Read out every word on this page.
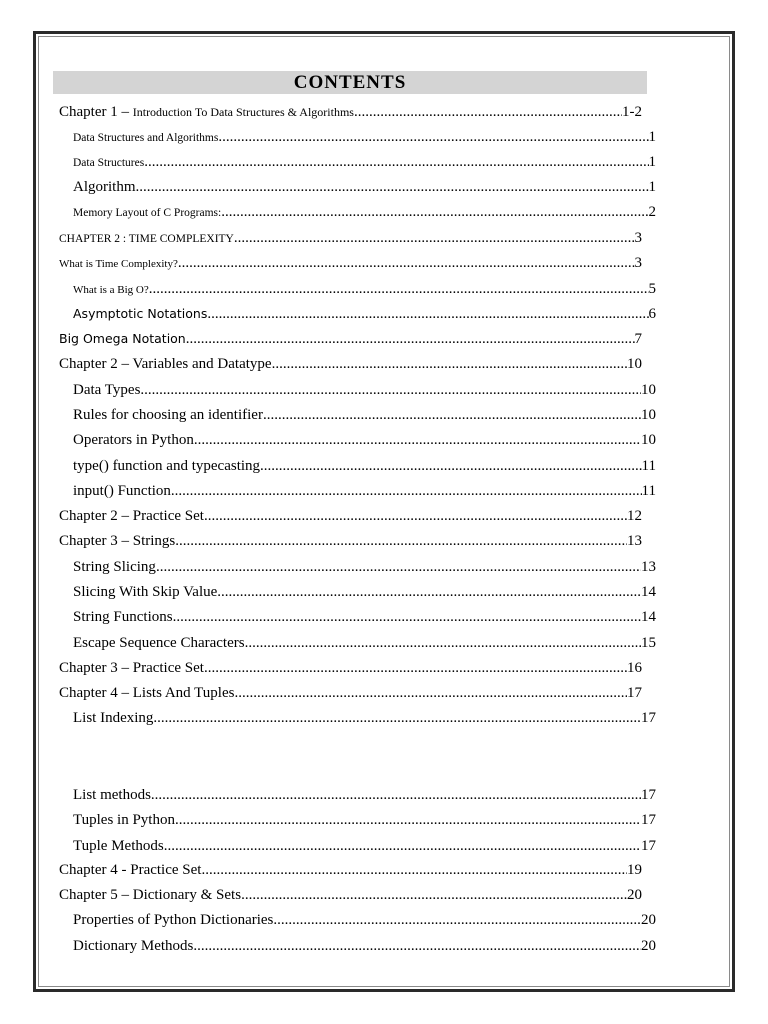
CONTENTS
Chapter 1 – Introduction To Data Structures & Algorithms .....	1-2
Data Structures and Algorithms .....	1
Data Structures .....	1
Algorithm .....	1
Memory Layout of C Programs: .....	2
CHAPTER 2 : TIME COMPLEXITY .....	3
What is Time Complexity? .....	3
What is a Big O? .....	5
Asymptotic Notations .....	6
Big Omega Notation .....	7
Chapter 2 – Variables and Datatype .....	10
Data Types .....	10
Rules for choosing an identifier .....	10
Operators in Python .....	10
type() function and typecasting .....	11
input() Function .....	11
Chapter 2 – Practice Set .....	12
Chapter 3 – Strings .....	13
String Slicing .....	13
Slicing With Skip Value .....	14
String Functions .....	14
Escape Sequence Characters .....	15
Chapter 3 – Practice Set .....	16
Chapter 4 – Lists And Tuples .....	17
List Indexing .....	17
List methods .....	17
Tuples in Python .....	17
Tuple Methods .....	17
Chapter 4 - Practice Set .....	19
Chapter 5 – Dictionary & Sets .....	20
Properties of Python Dictionaries .....	20
Dictionary Methods .....	20
